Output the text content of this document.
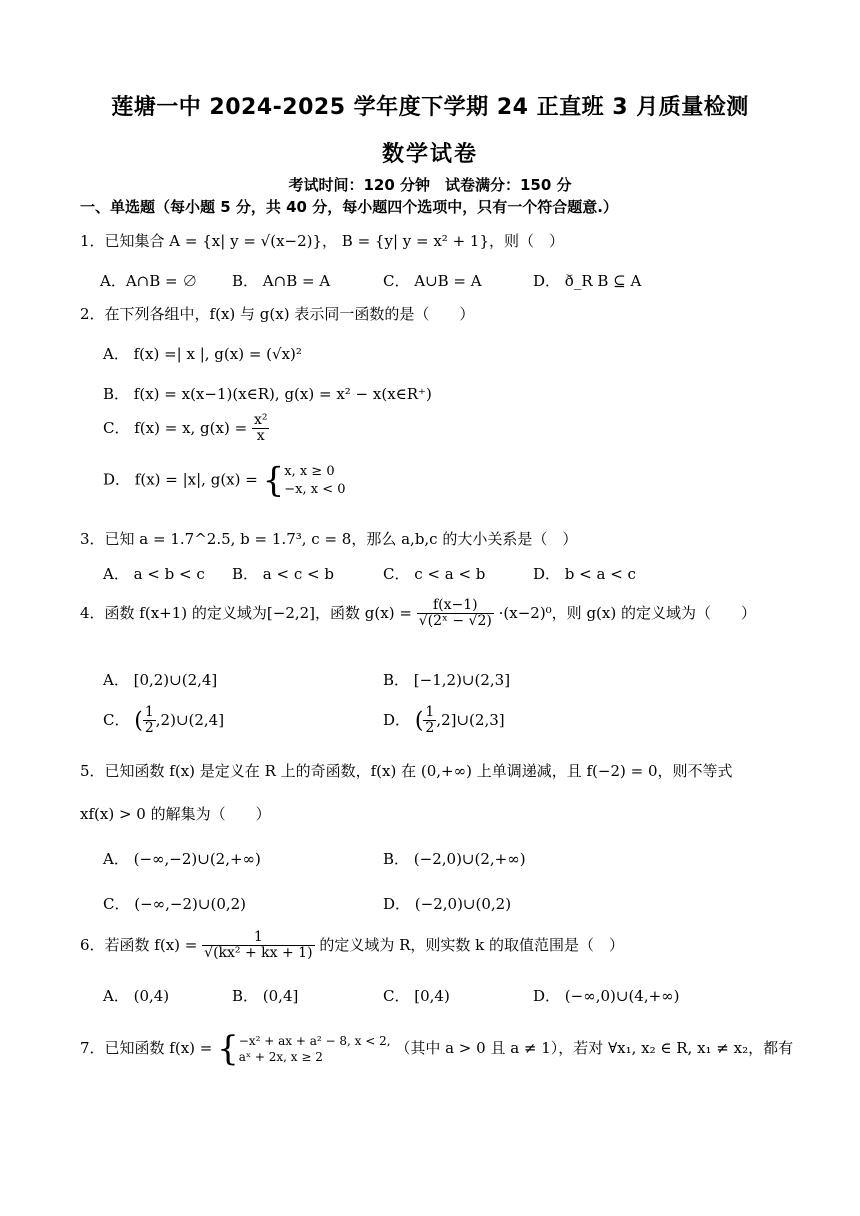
莲塘一中 2024-2025 学年度下学期 24 正直班 3 月质量检测
数学试卷
考试时间：120 分钟　试卷满分：150 分
一、单选题（每小题 5 分，共 40 分，每小题四个选项中，只有一个符合题意.）
1．已知集合 A = {x| y = √(x−2)}， B = {y| y = x² + 1}，则（　）
A．A∩B = ∅ B． A∩B = A	C． A∪B = A	D． ð_R B ⊆ A
2．在下列各组中，f(x) 与 g(x) 表示同一函数的是（　　）
A． f(x) =| x |, g(x) = (√x)²
B． f(x) = x(x−1)(x∈R), g(x) = x² − x(x∈R⁺)
C． f(x) = x, $g(x) = \frac{\text{x²}}{x}$
D． f(x) = |x|, g(x) = { x, x ≥ 0
−x, x < 0
3．已知 a = 1.7^2.5, b = 1.7³, c = 8，那么 a,b,c 的大小关系是（　）
A． a < b < c B． a < c < b	C． c < a < b	D． b < a < c
4．函数 f(x+1) 的定义域为[−2,2]，函数 $g(x) = \frac{f(x-1)}{\text{√(2ˣ − √2)}} \cdot(x-2)^0$，则 g(x) 的定义域为（　　）
A． [0,2)∪(2,4]	B． [−1,2)∪(2,3]
C． ( $\frac{1}{2}$ ,2)∪(2,4]	D． ( $\frac{1}{2}$ ,2]∪(2,3]
5．已知函数 f(x) 是定义在 R 上的奇函数，f(x) 在 (0,+∞) 上单调递减，且 f(−2) = 0，则不等式
xf(x) > 0 的解集为（　　）
A． (−∞,−2)∪(2,+∞)	B． (−2,0)∪(2,+∞)
C． (−∞,−2)∪(0,2)	D． (−2,0)∪(0,2)
6．若函数 $f(x) = \frac{1}{\text{√(kx² + kx + 1)}}$ 的定义域为 R，则实数 k 的取值范围是（　）
A． (0,4)	B． (0,4]	C． [0,4)	D． (−∞,0)∪(4,+∞)
7．已知函数 f(x) = { −x² + ax + a² − 8, x < 2,
aˣ + 2x, x ≥ 2	（其中 a > 0 且 a ≠ 1），若对 ∀x₁, x₂ ∈ R, x₁ ≠ x₂，都有
